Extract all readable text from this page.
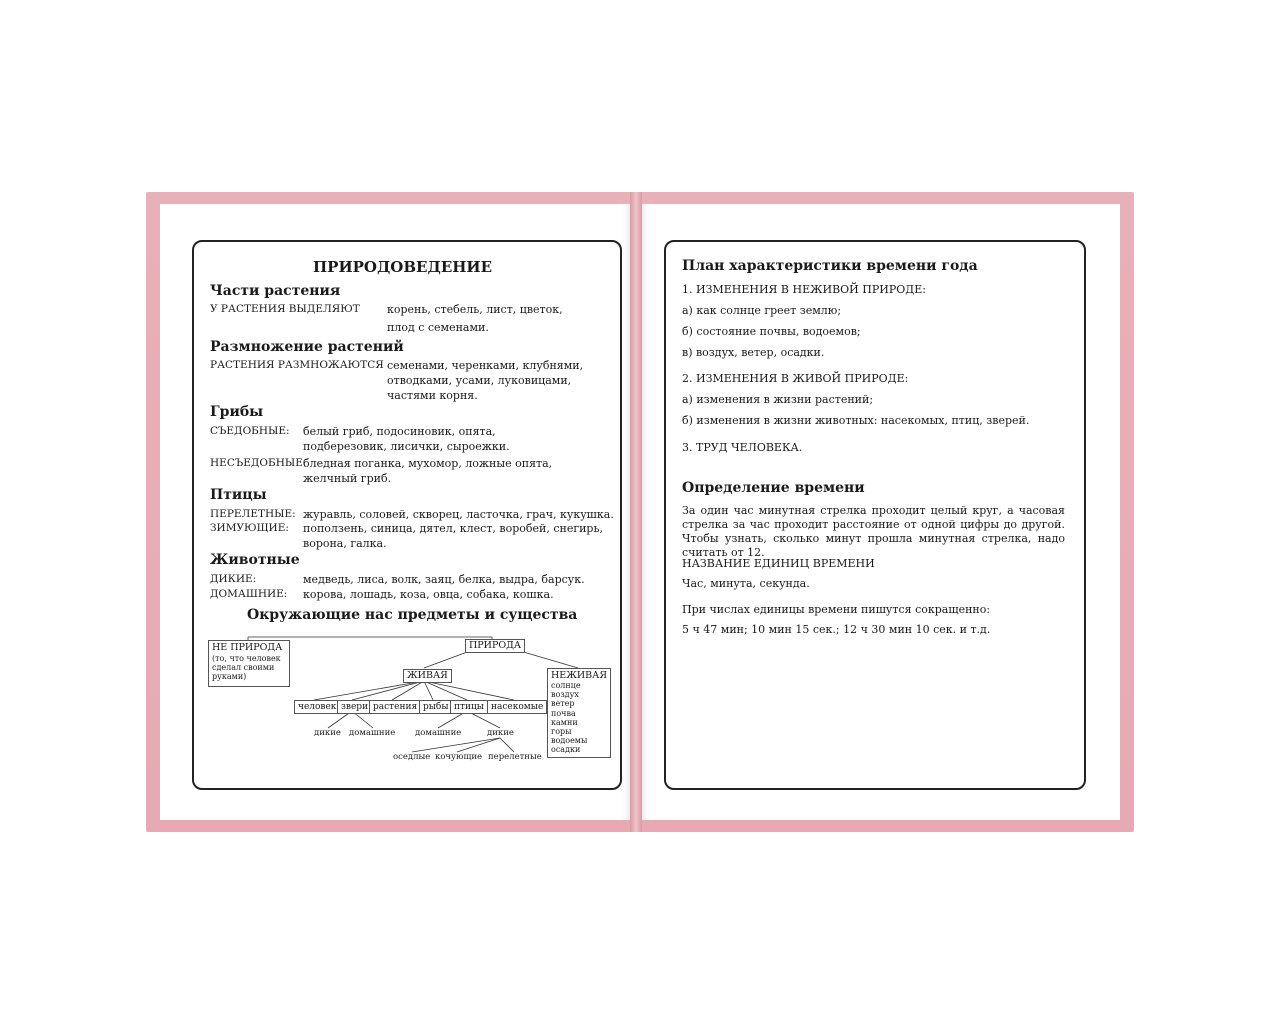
ПРИРОДОВЕДЕНИЕ
Части растения
У РАСТЕНИЯ ВЫДЕЛЯЮТ корень, стебель, лист, цветок,
плод с семенами.
Размножение растений
РАСТЕНИЯ РАЗМНОЖАЮТСЯ семенами, черенками, клубнями,
отводками, усами, луковицами,
частями корня.
Грибы
СЪЕДОБНЫЕ: белый гриб, подосиновик, опята,
подберезовик, лисички, сыроежки.
НЕСЪЕДОБНЫЕ:
бледная поганка, мухомор, ложные опята,
желчный гриб.
Птицы
ПЕРЕЛЕТНЫЕ: журавль, соловей, скворец, ласточка, грач, кукушка.
ЗИМУЮЩИЕ: поползень, синица, дятел, клест, воробей, снегирь,
ворона, галка.
Животные
ДИКИЕ:	медведь, лиса, волк, заяц, белка, выдра, барсук.
ДОМАШНИЕ: корова, лошадь, коза, овца, собака, кошка.
Окружающие нас предметы и существа
НЕ ПРИРОДА
(то, что человек
сделал своими
руками)
ПРИРОДА
ЖИВАЯ	НЕЖИВАЯ
солнце
воздух
ветер
почва
камни
горы
водоемы
осадки
человек звери растения рыбы птицы насекомые
дикие домашние домашние	дикие
оседлые кочующие перелетные
План характеристики времени года
1. ИЗМЕНЕНИЯ В НЕЖИВОЙ ПРИРОДЕ:
а) как солнце греет землю;
б) состояние почвы, водоемов;
в) воздух, ветер, осадки.
2. ИЗМЕНЕНИЯ В ЖИВОЙ ПРИРОДЕ:
а) изменения в жизни растений;
б) изменения в жизни животных: насекомых, птиц, зверей.
3. ТРУД ЧЕЛОВЕКА.
Определение времени
За один час минутная стрелка проходит целый круг, а часовая стрелка за час проходит расстояние от одной цифры до другой. Чтобы узнать, сколько минут прошла минутная стрелка, надо считать от 12.
НАЗВАНИЕ ЕДИНИЦ ВРЕМЕНИ
Час, минута, секунда.
При числах единицы времени пишутся сокращенно:
5 ч 47 мин; 10 мин 15 сек.; 12 ч 30 мин 10 сек. и т.д.
